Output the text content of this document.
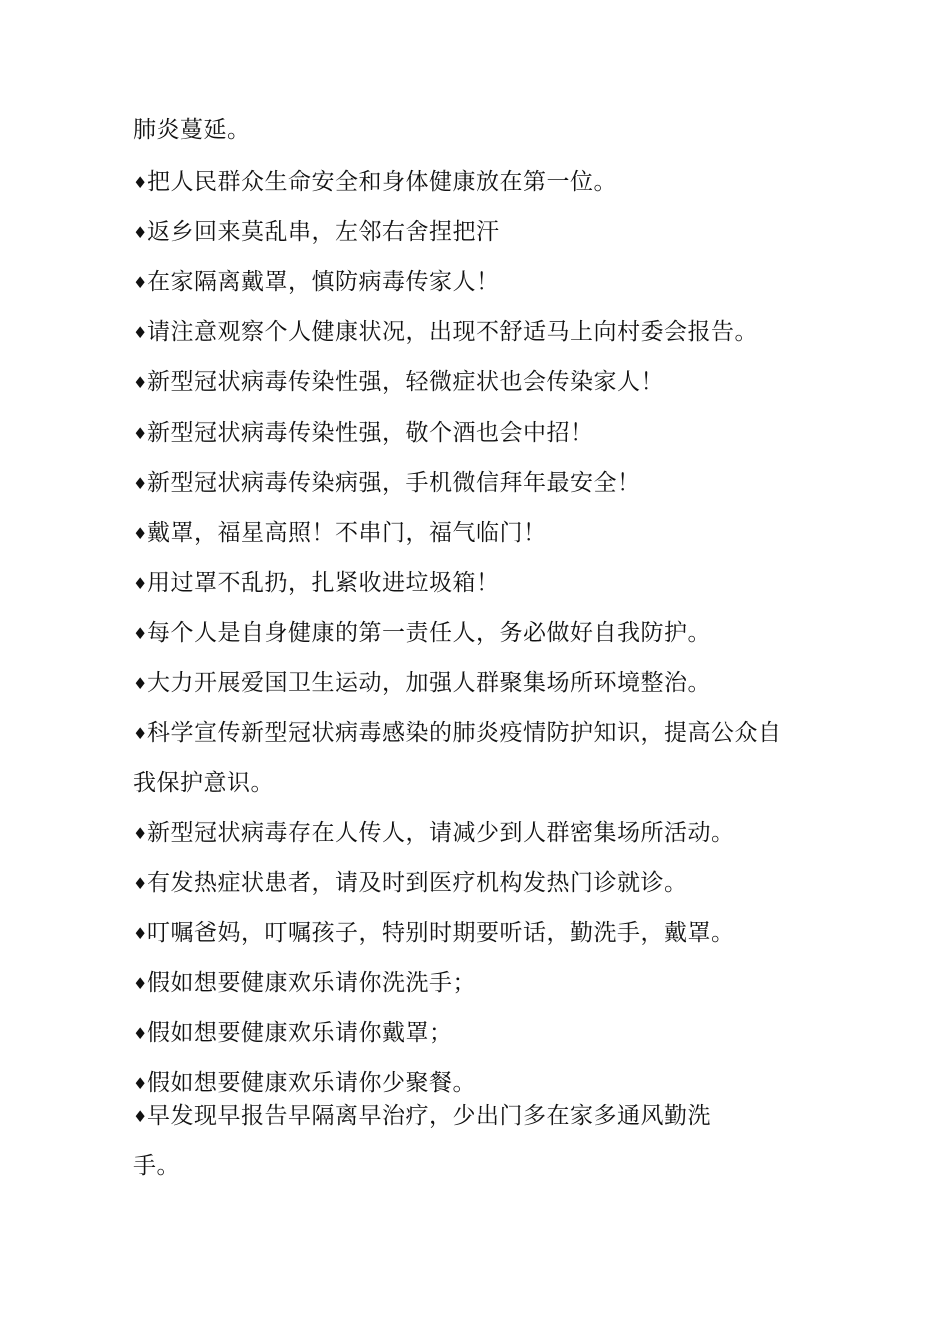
肺炎蔓延。
♦把人民群众生命安全和身体健康放在第一位。
♦返乡回来莫乱串，左邻右舍捏把汗
♦在家隔离戴罩，慎防病毒传家人！
♦请注意观察个人健康状况，出现不舒适马上向村委会报告。
♦新型冠状病毒传染性强，轻微症状也会传染家人！
♦新型冠状病毒传染性强，敬个酒也会中招！
♦新型冠状病毒传染病强，手机微信拜年最安全！
♦戴罩，福星高照！不串门，福气临门！
♦用过罩不乱扔，扎紧收进垃圾箱！
♦每个人是自身健康的第一责任人，务必做好自我防护。
♦大力开展爱国卫生运动，加强人群聚集场所环境整治。
♦科学宣传新型冠状病毒感染的肺炎疫情防护知识，提高公众自
我保护意识。
♦新型冠状病毒存在人传人，请减少到人群密集场所活动。
♦有发热症状患者，请及时到医疗机构发热门诊就诊。
♦叮嘱爸妈，叮嘱孩子，特别时期要听话，勤洗手，戴罩。
♦假如想要健康欢乐请你洗洗手；
♦假如想要健康欢乐请你戴罩；
♦假如想要健康欢乐请你少聚餐。
♦早发现早报告早隔离早治疗，少出门多在家多通风勤洗
手。
